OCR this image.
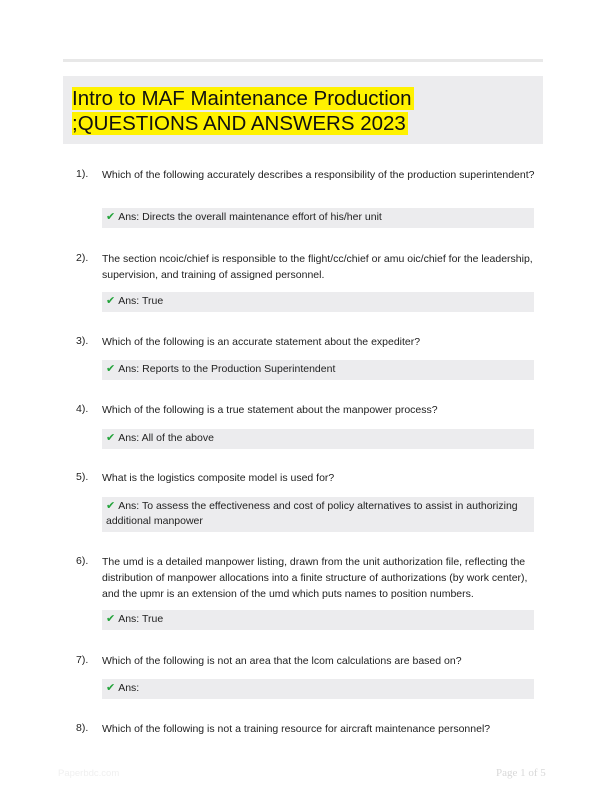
Intro to MAF Maintenance Production
;QUESTIONS AND ANSWERS 2023
1). Which of the following accurately describes a responsibility of the production superintendent?
✔ Ans: Directs the overall maintenance effort of his/her unit
2). The section ncoic/chief is responsible to the flight/cc/chief or amu oic/chief for the leadership, supervision, and training of assigned personnel.
✔ Ans: True
3). Which of the following is an accurate statement about the expediter?
✔ Ans: Reports to the Production Superintendent
4). Which of the following is a true statement about the manpower process?
✔ Ans: All of the above
5). What is the logistics composite model is used for?
✔ Ans: To assess the effectiveness and cost of policy alternatives to assist in authorizing additional manpower
6). The umd is a detailed manpower listing, drawn from the unit authorization file, reflecting the distribution of manpower allocations into a finite structure of authorizations (by work center), and the upmr is an extension of the umd which puts names to position numbers.
✔ Ans: True
7). Which of the following is not an area that the lcom calculations are based on?
✔ Ans:
8). Which of the following is not a training resource for aircraft maintenance personnel?
Paperbdc.com	Page 1 of 5
